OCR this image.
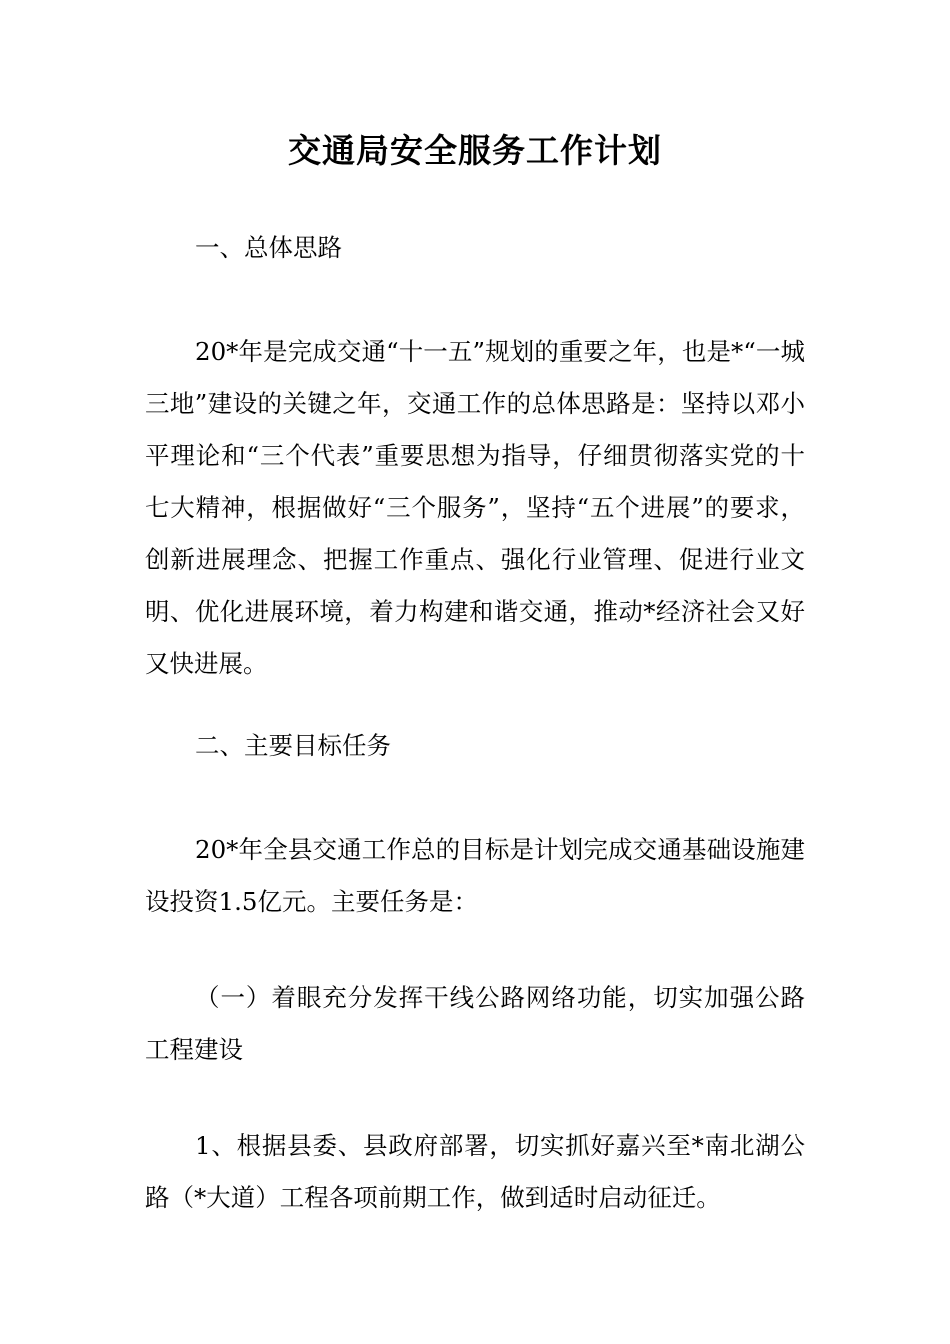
交通局安全服务工作计划

一、总体思路

20*年是完成交通“十一五”规划的重要之年，也是*“一城三地”建设的关键之年，交通工作的总体思路是：坚持以邓小平理论和“三个代表”重要思想为指导，仔细贯彻落实党的十七大精神，根据做好“三个服务”，坚持“五个进展”的要求，创新进展理念、把握工作重点、强化行业管理、促进行业文明、优化进展环境，着力构建和谐交通，推动*经济社会又好又快进展。

二、主要目标任务

20*年全县交通工作总的目标是计划完成交通基础设施建设投资1.5亿元。主要任务是：

（一）着眼充分发挥干线公路网络功能，切实加强公路工程建设

1、根据县委、县政府部署，切实抓好嘉兴至*南北湖公路（*大道）工程各项前期工作，做到适时启动征迁。
